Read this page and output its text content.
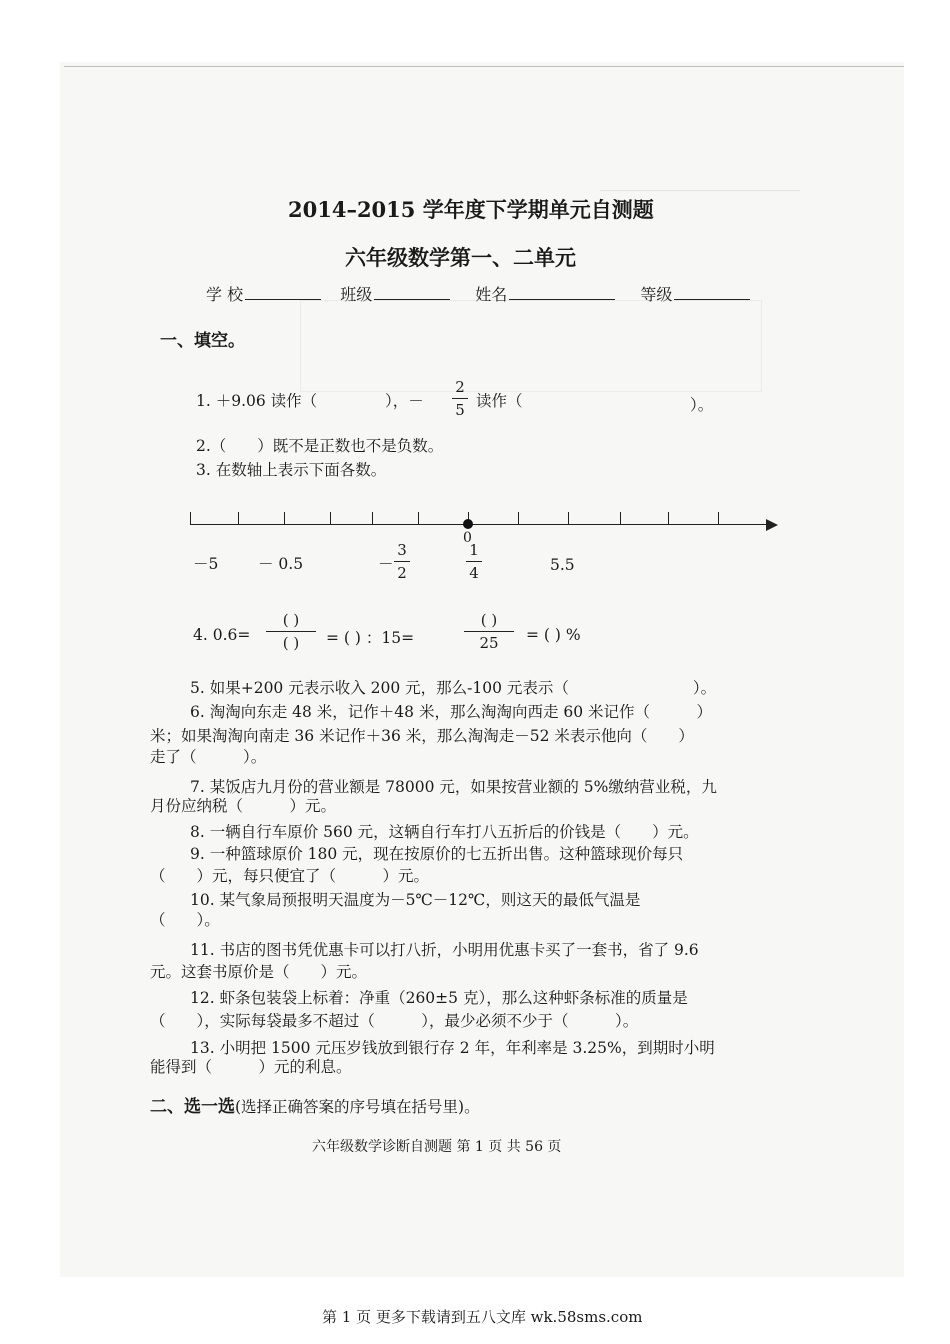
2014–2015 学年度下学期单元自测题
六年级数学第一、二单元
学 校	班级	姓名	等级
一、填空。
1. ＋9.06 读作（	），－
2
5 读作（	）。
2.（　　）既不是正数也不是负数。
3. 在数轴上表示下面各数。
0
－5	－ 0.5	－
3
2
1
4	5.5
4. 0.6=
( )
( )	= ( ) ：15=
( )
25	= ( ) %
5. 如果+200 元表示收入 200 元，那么-100 元表示（　　　　　　　　）。
6. 淘淘向东走 48 米，记作＋48 米，那么淘淘向西走 60 米记作（　　　）
米；如果淘淘向南走 36 米记作＋36 米，那么淘淘走－52 米表示他向（　　）
走了（　　　）。
7. 某饭店九月份的营业额是 78000 元，如果按营业额的 5%缴纳营业税，九
月份应纳税（　　　）元。
8. 一辆自行车原价 560 元，这辆自行车打八五折后的价钱是（　　）元。
9. 一种篮球原价 180 元，现在按原价的七五折出售。这种篮球现价每只
（　　）元，每只便宜了（　　　）元。
10. 某气象局预报明天温度为－5℃－12℃，则这天的最低气温是
（　　）。
11. 书店的图书凭优惠卡可以打八折，小明用优惠卡买了一套书，省了 9.6
元。这套书原价是（　　）元。
12. 虾条包装袋上标着：净重（260±5 克），那么这种虾条标准的质量是
（　　），实际每袋最多不超过（　　　），最少必须不少于（　　　）。
13. 小明把 1500 元压岁钱放到银行存 2 年，年利率是 3.25%，到期时小明
能得到（　　　）元的利息。
二、选一选(选择正确答案的序号填在括号里)。
六年级数学诊断自测题 第 1 页 共 56 页
第 1 页 更多下载请到五八文库 wk.58sms.com
